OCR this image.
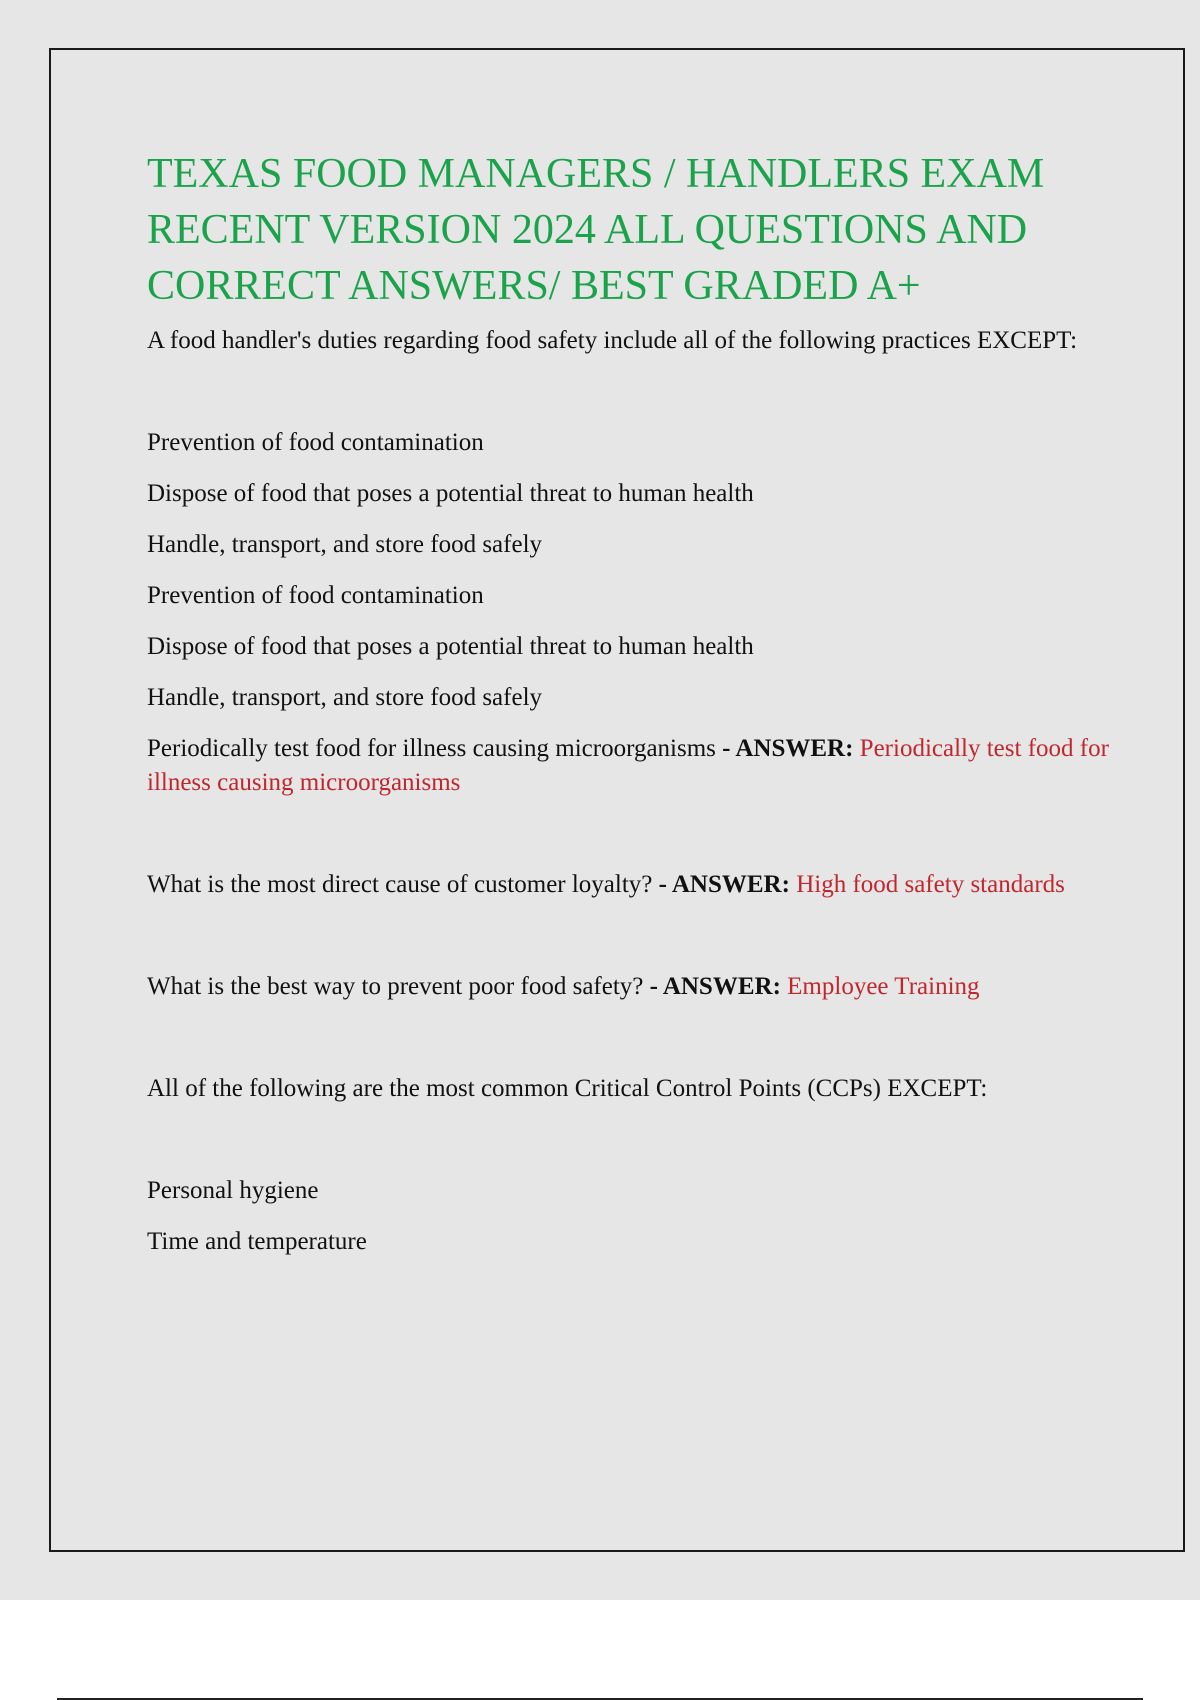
TEXAS FOOD MANAGERS / HANDLERS EXAM RECENT VERSION 2024 ALL QUESTIONS AND CORRECT ANSWERS/ BEST GRADED A+

A food handler's duties regarding food safety include all of the following practices EXCEPT:

Prevention of food contamination

Dispose of food that poses a potential threat to human health

Handle, transport, and store food safely

Prevention of food contamination

Dispose of food that poses a potential threat to human health

Handle, transport, and store food safely

Periodically test food for illness causing microorganisms - ANSWER: Periodically test food for illness causing microorganisms

What is the most direct cause of customer loyalty? - ANSWER: High food safety standards

What is the best way to prevent poor food safety? - ANSWER: Employee Training

All of the following are the most common Critical Control Points (CCPs) EXCEPT:

Personal hygiene

Time and temperature
